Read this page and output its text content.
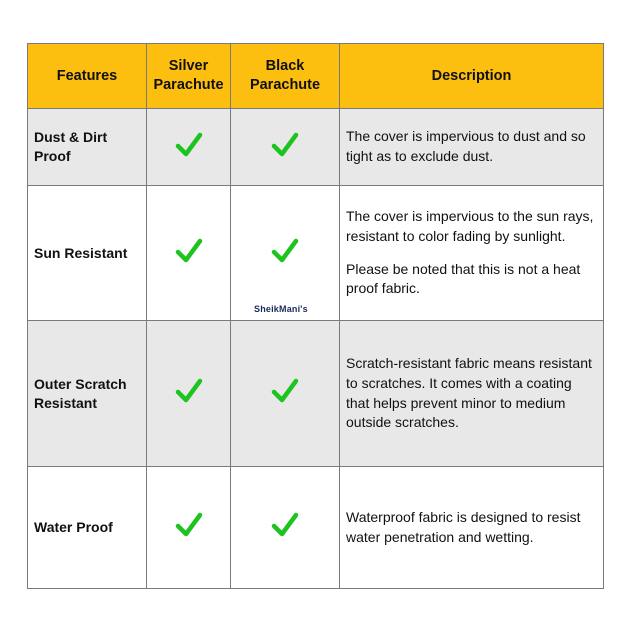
Features	Silver Parachute	Black Parachute	Description
Dust & Dirt Proof			The cover is impervious to dust and so tight as to exclude dust.

Sun Resistant		SheikMani's	The cover is impervious to the sun rays, resistant to color fading by sunlight.

Please be noted that this is not a heat proof fabric.

Outer Scratch Resistant			Scratch-resistant fabric means resistant to scratches. It comes with a coating that helps prevent minor to medium outside scratches.

Water Proof			Waterproof fabric is designed to resist water penetration and wetting.
